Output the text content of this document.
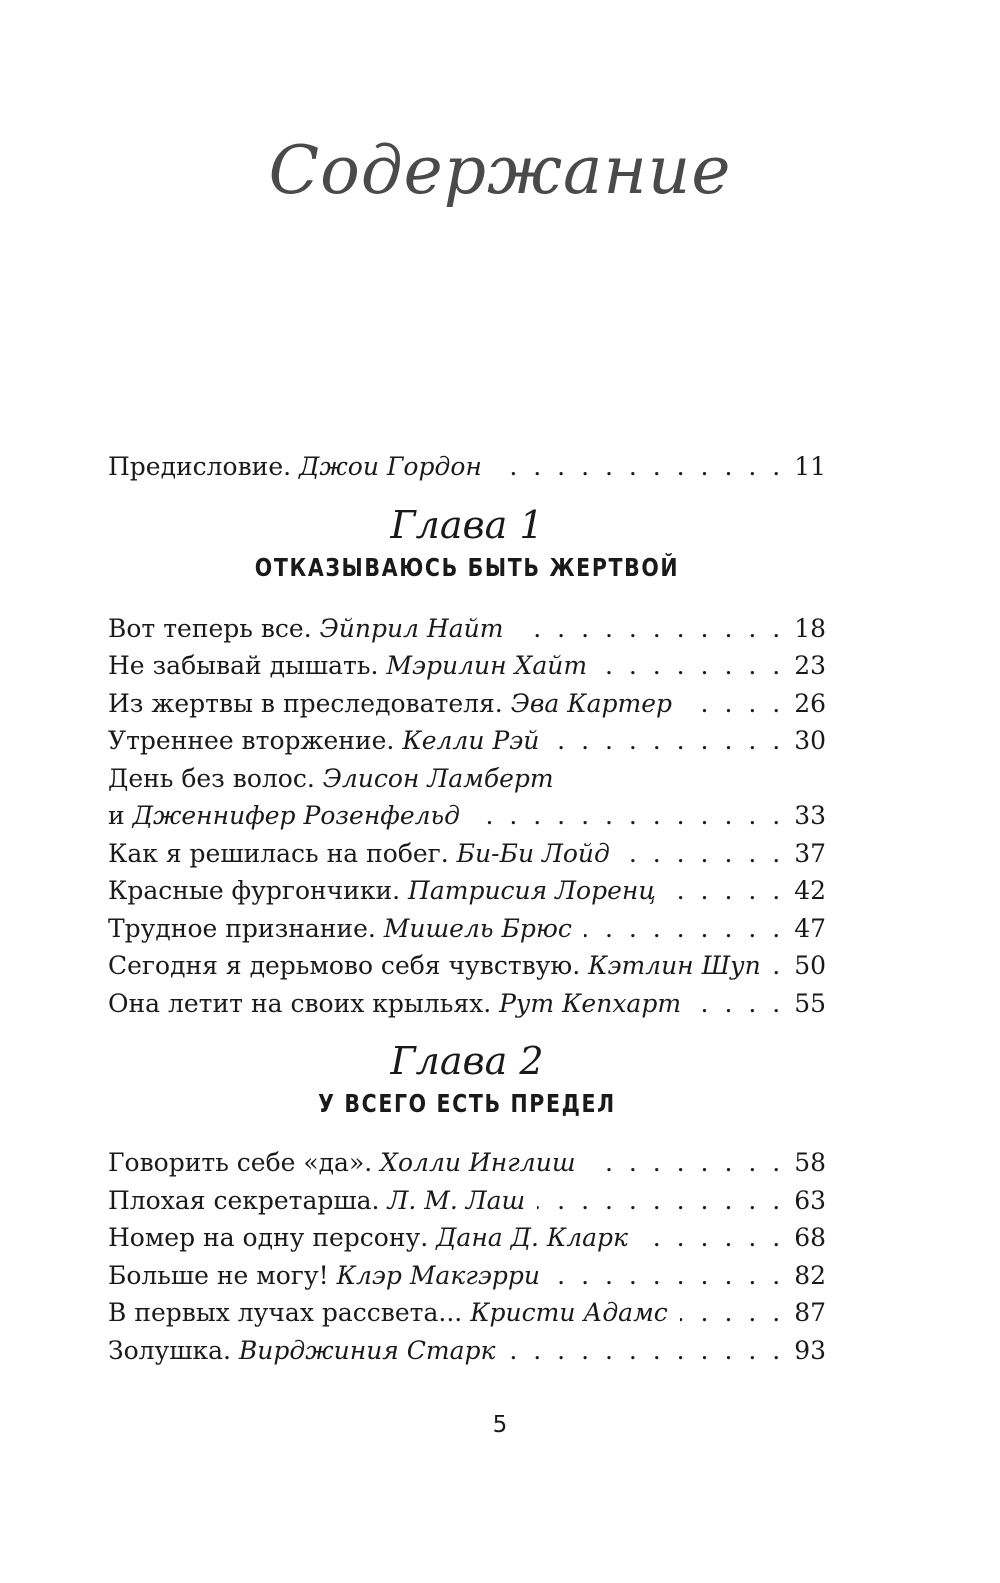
Содержание
Предисловие. Джои Гордон . . .	11
Глава 1
ОТКАЗЫВАЮСЬ БЫТЬ ЖЕРТВОЙ
Вот теперь все. Эйприл Найт . . .	18
Не забывай дышать. Мэрилин Хайт . . .	23
Из жертвы в преследователя. Эва Картер . . .	26
Утреннее вторжение. Келли Рэй . . .	30
День без волос. Элисон Ламберт
и Дженнифер Розенфельд . . .	33
Как я решилась на побег. Би-Би Лойд . . .	37
Красные фургончики. Патрисия Лоренц . . .	42
Трудное признание. Мишель Брюс . . .	47
Сегодня я дерьмово себя чувствую. Кэтлин Шуп . . . 50
Она летит на своих крыльях. Рут Кепхарт . . .	55
Глава 2
У ВСЕГО ЕСТЬ ПРЕДЕЛ
Говорить себе «да». Холли Инглиш . . .	58
Плохая секретарша. Л. М. Лаш . . .	63
Номер на одну персону. Дана Д. Кларк . . .	68
Больше не могу! Клэр Макгэрри . . .	82
В первых лучах рассвета... Кристи Адамс . . .	87
Золушка. Вирджиния Старк . . .	93
5
